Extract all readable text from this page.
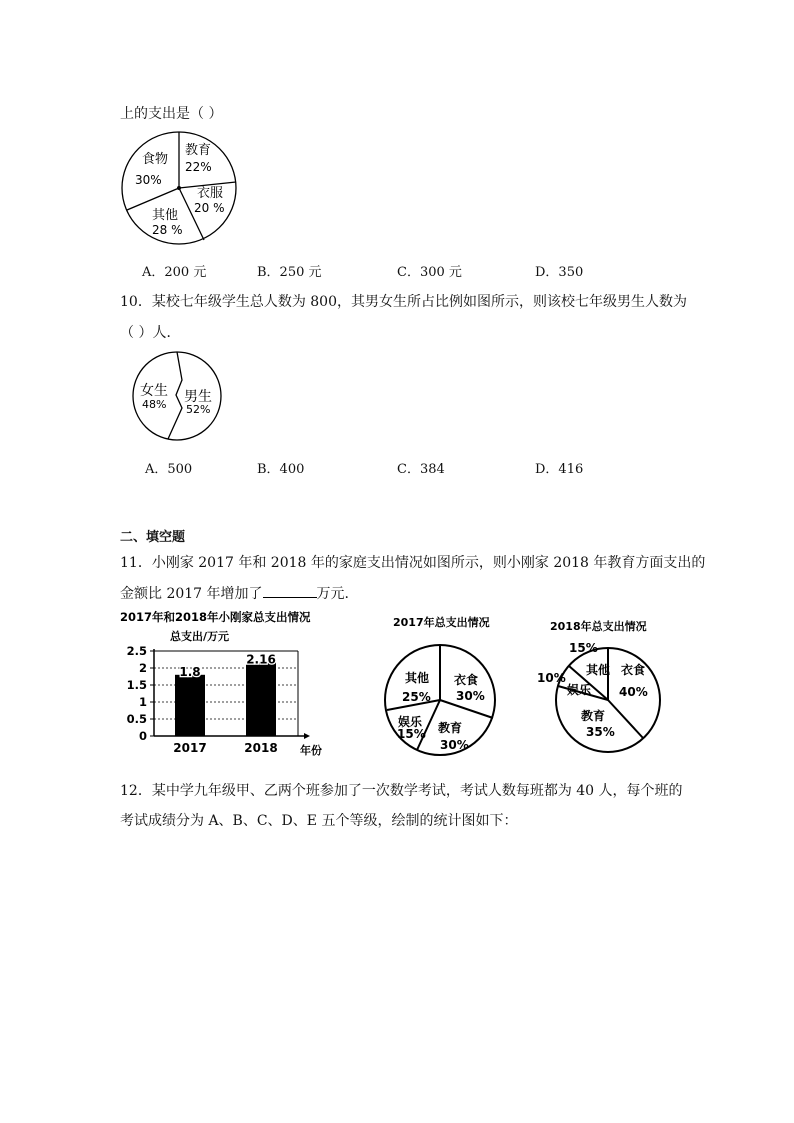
上的支出是（ ）
教育
22%
衣服
20 %
其他
28 %
食物
30%
A．200 元	B．250 元	C．300 元	D．350
10．某校七年级学生总人数为 800，其男女生所占比例如图所示，则该校七年级男生人数为
（ ）人．
男生
52%
女生
48%
A．500	B．400	C．384	D．416
二、填空题
11．小刚家 2017 年和 2018 年的家庭支出情况如图所示，则小刚家 2018 年教育方面支出的
金额比 2017 年增加了	万元.
2017年和2018年小刚家总支出情况
总支出/万元
0
0.5
1
1.5
2
2.5
年份
1.8
2017
2.16
2018
2017年总支出情况
衣食
30%
教育
30%
娱乐
15%
其他
25%
2018年总支出情况
衣食
40%
教育
35%
娱乐
10%
其他
15%
12．某中学九年级甲、乙两个班参加了一次数学考试，考试人数每班都为 40 人，每个班的
考试成绩分为 A、B、C、D、E 五个等级，绘制的统计图如下：
